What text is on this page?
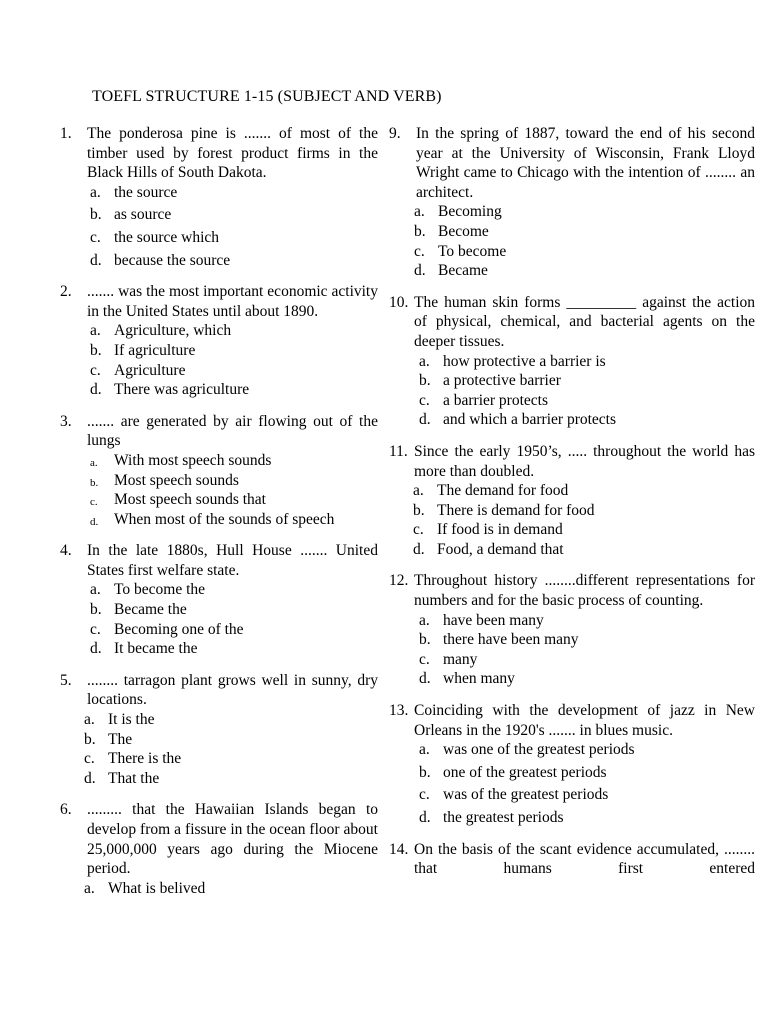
TOEFL STRUCTURE 1-15 (SUBJECT AND VERB)
1. The ponderosa pine is ....... of most of the timber used by forest product firms in the Black Hills of South Dakota.
a. the source
b. as source
c. the source which
d. because the source
2. ....... was the most important economic activity in the United States until about 1890.
a. Agriculture, which
b. If agriculture
c. Agriculture
d. There was agriculture
3. ....... are generated by air flowing out of the lungs
a. With most speech sounds
b. Most speech sounds
c. Most speech sounds that
d. When most of the sounds of speech
4. In the late 1880s, Hull House ....... United States first welfare state.
a. To become the
b. Became the
c. Becoming one of the
d. It became the
5. ........ tarragon plant grows well in sunny, dry locations.
a. It is the
b. The
c. There is the
d. That the
6. ......... that the Hawaiian Islands began to develop from a fissure in the ocean floor about 25,000,000 years ago during the Miocene period.
a. What is belived
9. In the spring of 1887, toward the end of his second year at the University of Wisconsin, Frank Lloyd Wright came to Chicago with the intention of ........ an architect.
a. Becoming
b. Become
c. To become
d. Became
10. The human skin forms _________ against the action of physical, chemical, and bacterial agents on the deeper tissues.
a. how protective a barrier is
b. a protective barrier
c. a barrier protects
d. and which a barrier protects
11. Since the early 1950’s, ..... throughout the world has more than doubled.
a. The demand for food
b. There is demand for food
c. If food is in demand
d. Food, a demand that
12. Throughout history ........different representations for numbers and for the basic process of counting.
a. have been many
b. there have been many
c. many
d. when many
13. Coinciding with the development of jazz in New Orleans in the 1920's ....... in blues music.
a. was one of the greatest periods
b. one of the greatest periods
c. was of the greatest periods
d. the greatest periods
14. On the basis of the scant evidence accumulated, ........ that humans first entered
